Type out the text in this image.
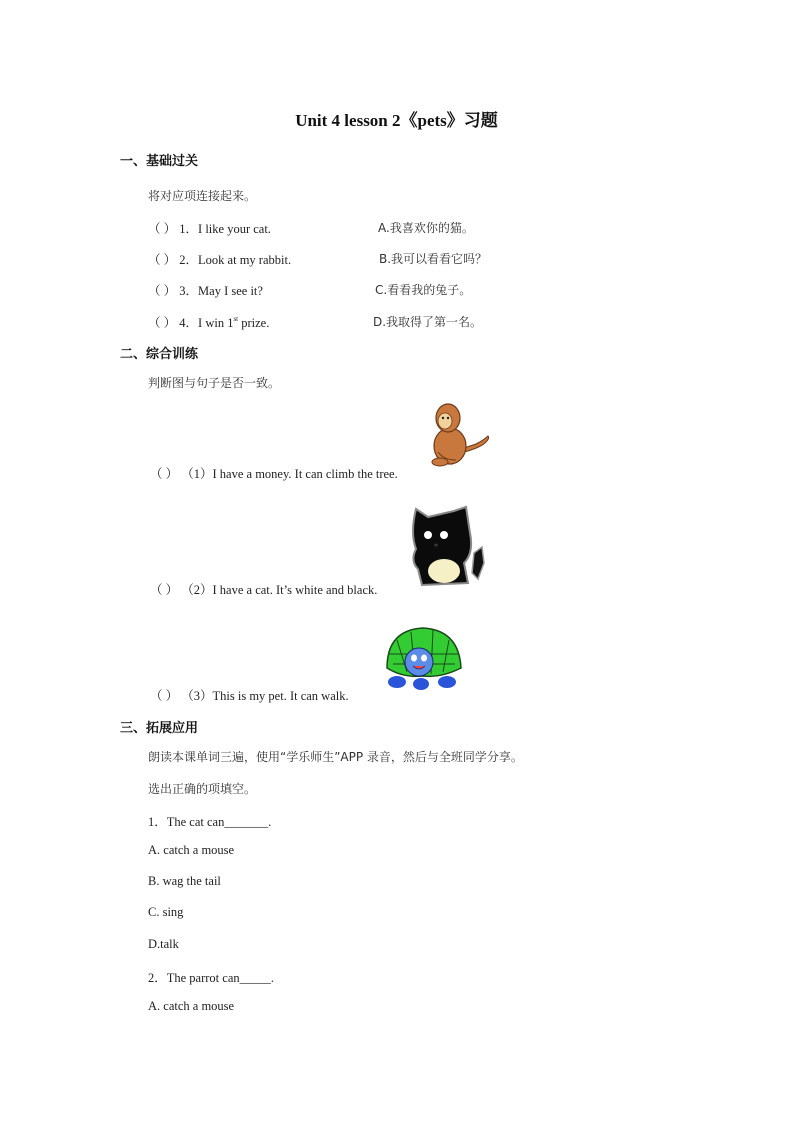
Unit 4 lesson 2《pets》习题
一、基础过关
将对应项连接起来。
（ ） 1．I like your cat.	A.我喜欢你的猫。
（ ） 2．Look at my rabbit.	B.我可以看看它吗？
（ ） 3．May I see it?	C.看看我的兔子。
（ ） 4．I win 1st prize.	D.我取得了第一名。
二、综合训练
判断图与句子是否一致。
（ ） （1）I have a money. It can climb the tree.
（ ） （2）I have a cat. It’s white and black.
（ ） （3）This is my pet. It can walk.
三、拓展应用
朗读本课单词三遍，使用“学乐师生”APP 录音，然后与全班同学分享。
选出正确的项填空。
1．The cat can_______.
A. catch a mouse
B. wag the tail
C. sing
D.talk
2．The parrot can_____.
A. catch a mouse
